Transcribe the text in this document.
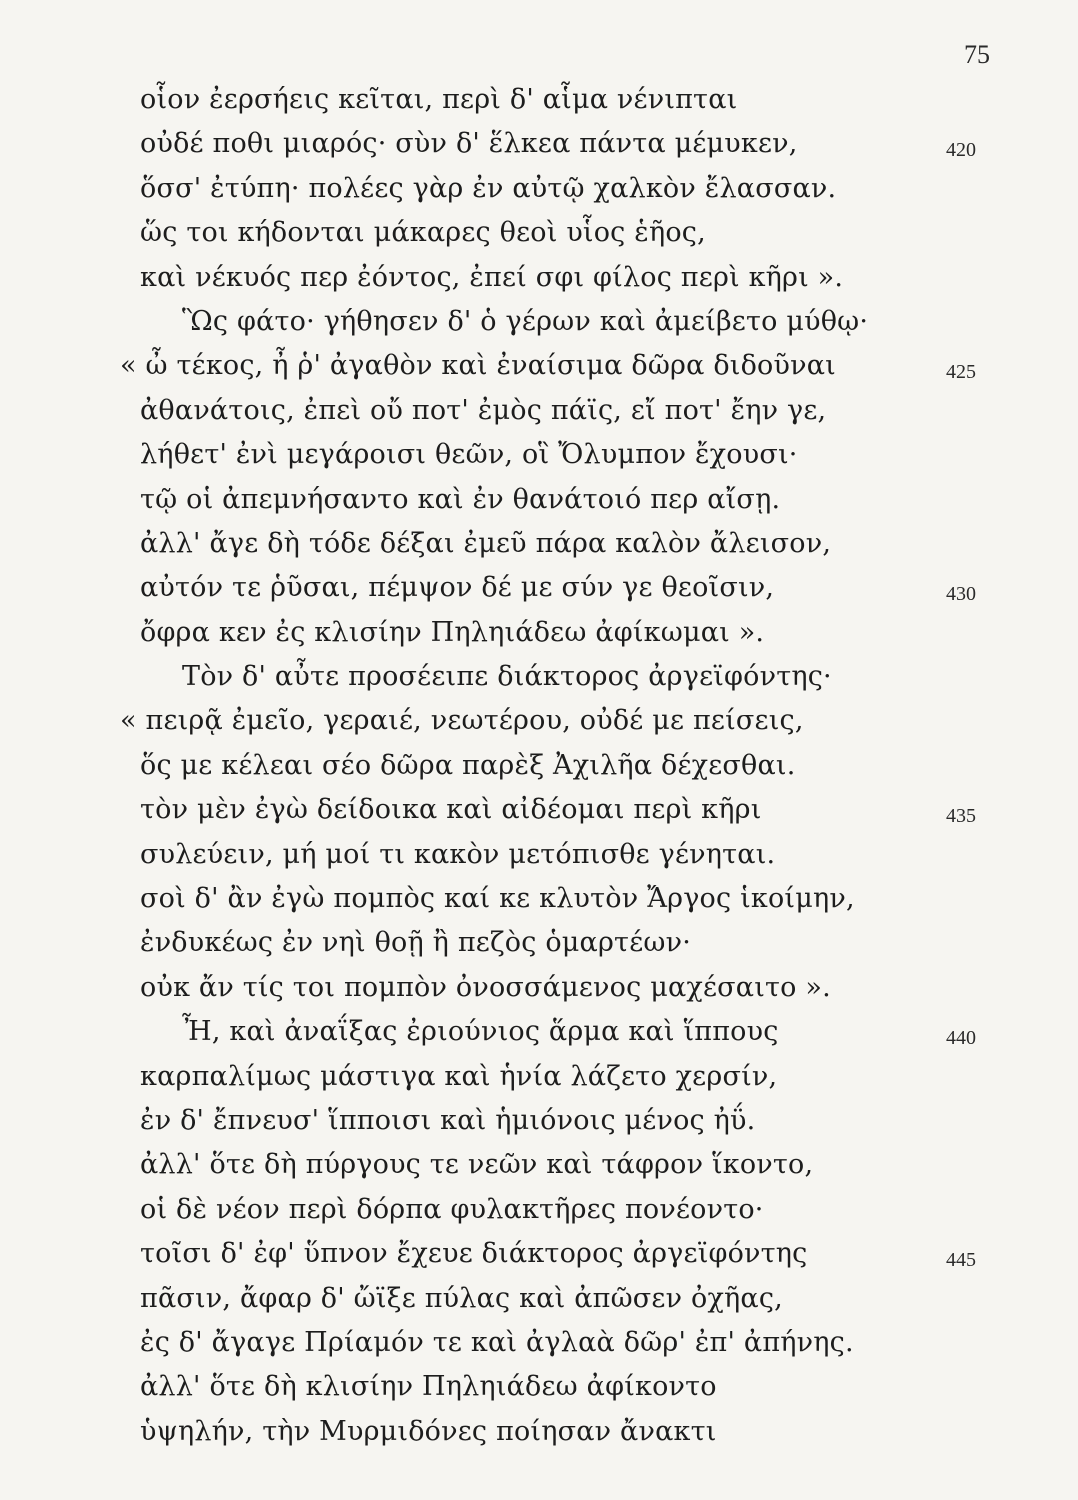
75
οἷον ἐερσήεις κεῖται, περὶ δ' αἷμα νένιπται
οὐδέ ποθι μιαρός· σὺν δ' ἕλκεα πάντα μέμυκεν,	420
ὅσσ' ἐτύπη· πολέες γὰρ ἐν αὐτῷ χαλκὸν ἔλασσαν.
ὥς τοι κήδονται μάκαρες θεοὶ υἷος ἑῆος,
καὶ νέκυός περ ἐόντος, ἐπεί σφι φίλος περὶ κῆρι ».
Ὣς φάτο· γήθησεν δ' ὁ γέρων καὶ ἀμείβετο μύθῳ·
« ὦ τέκος, ἦ ῥ' ἀγαθὸν καὶ ἐναίσιμα δῶρα διδοῦναι	425
ἀθανάτοις, ἐπεὶ οὔ ποτ' ἐμὸς πάϊς, εἴ ποτ' ἔην γε,
λήθετ' ἐνὶ μεγάροισι θεῶν, οἳ Ὄλυμπον ἔχουσι·
τῷ οἱ ἀπεμνήσαντο καὶ ἐν θανάτοιό περ αἴσῃ.
ἀλλ' ἄγε δὴ τόδε δέξαι ἐμεῦ πάρα καλὸν ἄλεισον,
αὐτόν τε ῥῦσαι, πέμψον δέ με σύν γε θεοῖσιν,	430
ὄφρα κεν ἐς κλισίην Πηληιάδεω ἀφίκωμαι ».
Τὸν δ' αὖτε προσέειπε διάκτορος ἀργεϊφόντης·
« πειρᾷ ἐμεῖο, γεραιέ, νεωτέρου, οὐδέ με πείσεις,
ὅς με κέλεαι σέο δῶρα παρὲξ Ἀχιλῆα δέχεσθαι.
τὸν μὲν ἐγὼ δείδοικα καὶ αἰδέομαι περὶ κῆρι	435
συλεύειν, μή μοί τι κακὸν μετόπισθε γένηται.
σοὶ δ' ἂν ἐγὼ πομπὸς καί κε κλυτὸν Ἄργος ἱκοίμην,
ἐνδυκέως ἐν νηὶ θοῇ ἢ πεζὸς ὁμαρτέων·
οὐκ ἄν τίς τοι πομπὸν ὀνοσσάμενος μαχέσαιτο ».
Ἦ, καὶ ἀναΐξας ἐριούνιος ἅρμα καὶ ἵππους	440
καρπαλίμως μάστιγα καὶ ἡνία λάζετο χερσίν,
ἐν δ' ἔπνευσ' ἵπποισι καὶ ἡμιόνοις μένος ἠΰ.
ἀλλ' ὅτε δὴ πύργους τε νεῶν καὶ τάφρον ἵκοντο,
οἱ δὲ νέον περὶ δόρπα φυλακτῆρες πονέοντο·
τοῖσι δ' ἐφ' ὕπνον ἔχευε διάκτορος ἀργεϊφόντης	445
πᾶσιν, ἄφαρ δ' ὤϊξε πύλας καὶ ἀπῶσεν ὀχῆας,
ἐς δ' ἄγαγε Πρίαμόν τε καὶ ἀγλαὰ δῶρ' ἐπ' ἀπήνης.
ἀλλ' ὅτε δὴ κλισίην Πηληιάδεω ἀφίκοντο
ὑψηλήν, τὴν Μυρμιδόνες ποίησαν ἄνακτι
